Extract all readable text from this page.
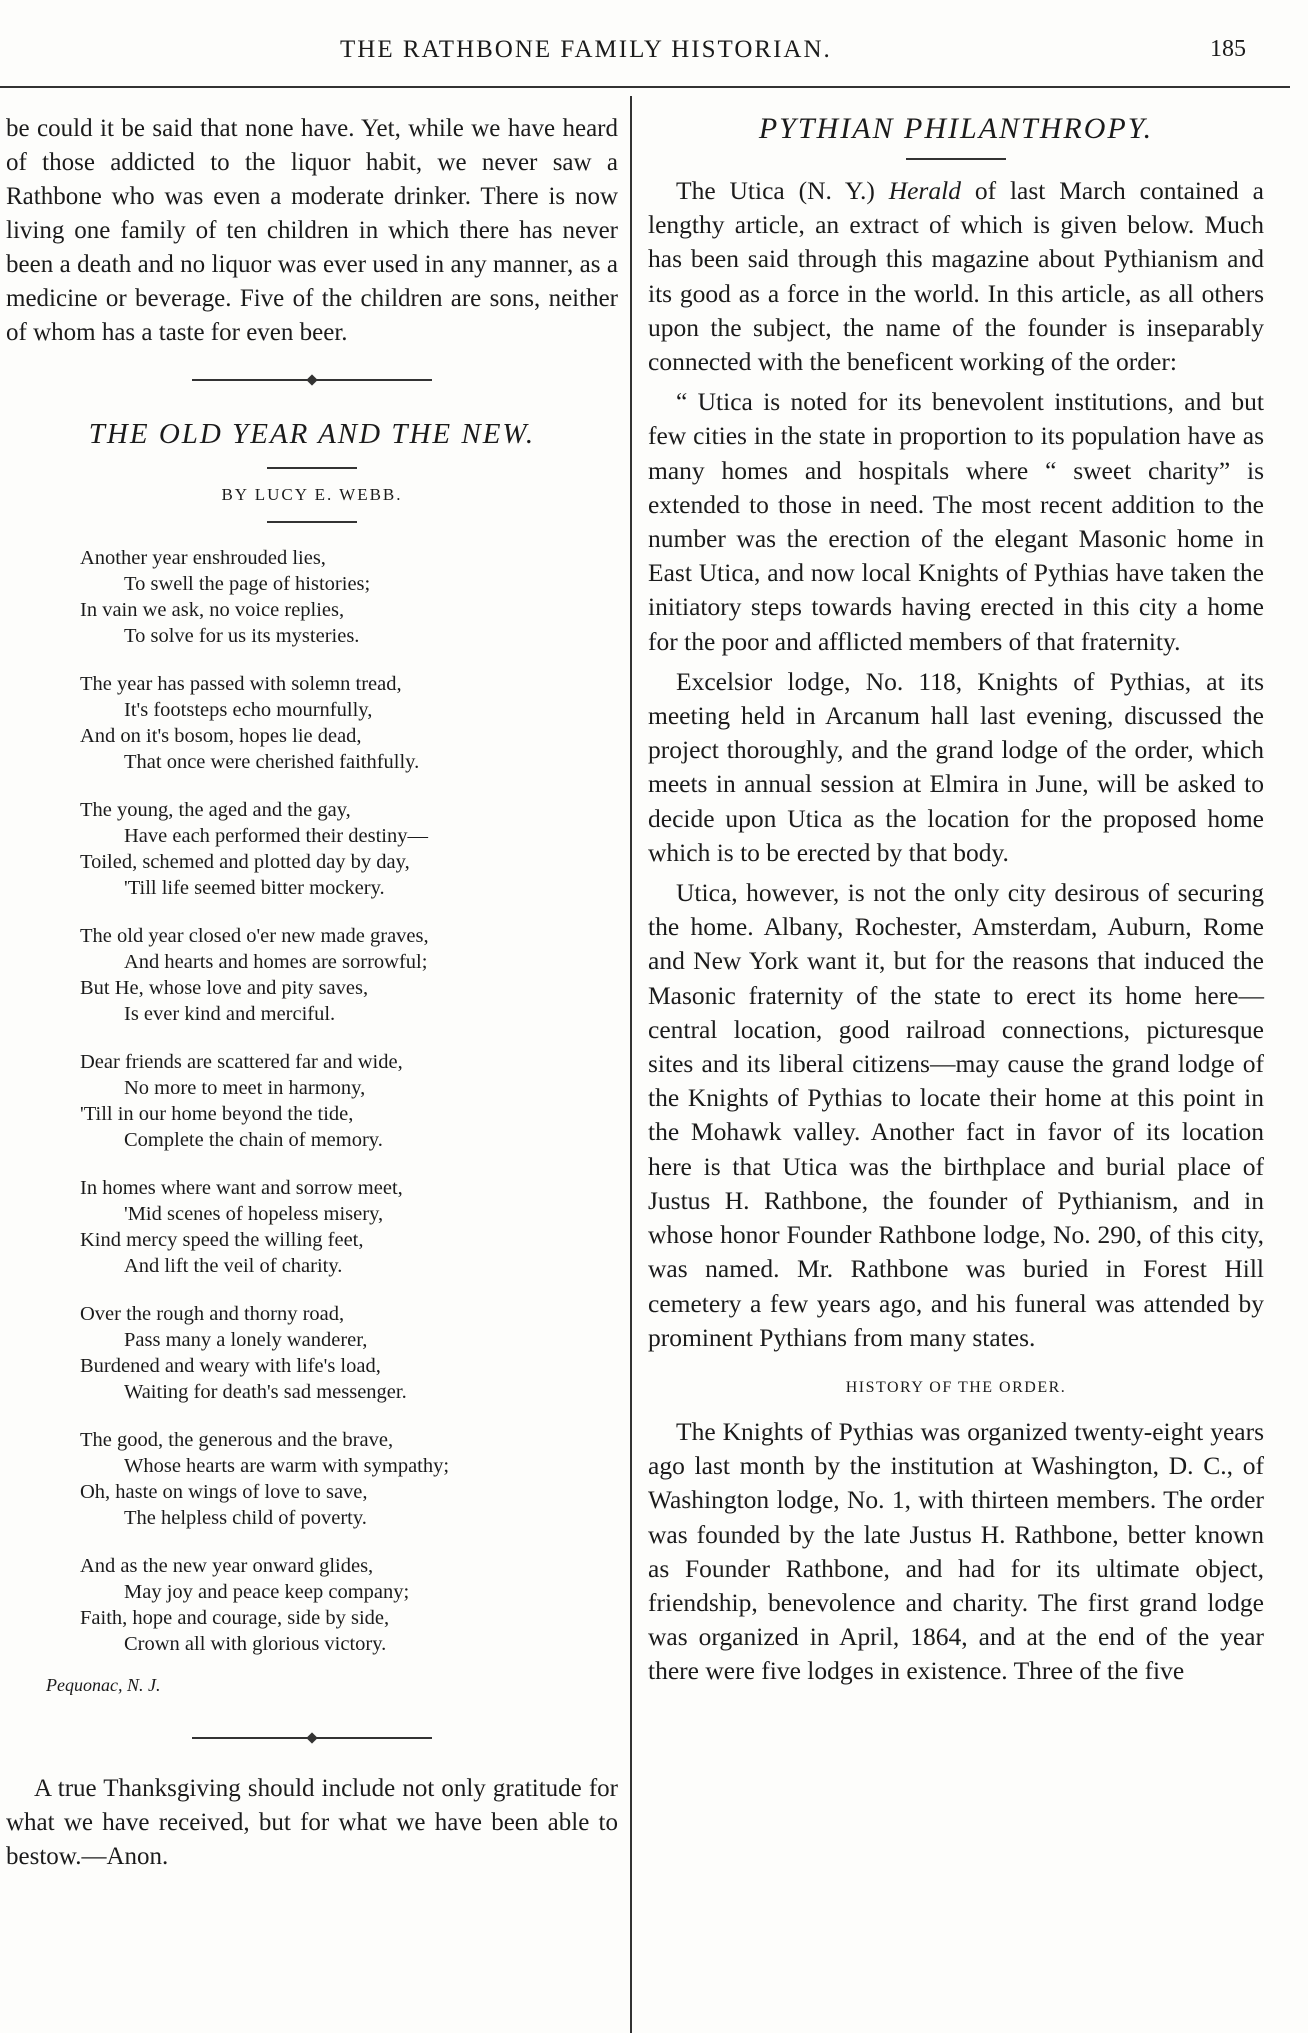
THE RATHBONE FAMILY HISTORIAN.	185

be could it be said that none have. Yet, while we have heard of those addicted to the liquor habit, we never saw a Rathbone who was even a moderate drinker. There is now living one family of ten children in which there has never been a death and no liquor was ever used in any manner, as a medicine or beverage. Five of the children are sons, neither of whom has a taste for even beer.

THE OLD YEAR AND THE NEW.
BY LUCY E. WEBB.
Another year enshrouded lies,
To swell the page of histories;
In vain we ask, no voice replies,
To solve for us its mysteries.
The year has passed with solemn tread,
It's footsteps echo mournfully,
And on it's bosom, hopes lie dead,
That once were cherished faithfully.
The young, the aged and the gay,
Have each performed their destiny—
Toiled, schemed and plotted day by day,
'Till life seemed bitter mockery.
The old year closed o'er new made graves,
And hearts and homes are sorrowful;
But He, whose love and pity saves,
Is ever kind and merciful.
Dear friends are scattered far and wide,
No more to meet in harmony,
'Till in our home beyond the tide,
Complete the chain of memory.
In homes where want and sorrow meet,
'Mid scenes of hopeless misery,
Kind mercy speed the willing feet,
And lift the veil of charity.
Over the rough and thorny road,
Pass many a lonely wanderer,
Burdened and weary with life's load,
Waiting for death's sad messenger.
The good, the generous and the brave,
Whose hearts are warm with sympathy;
Oh, haste on wings of love to save,
The helpless child of poverty.
And as the new year onward glides,
May joy and peace keep company;
Faith, hope and courage, side by side,
Crown all with glorious victory.
Pequonac, N. J.

A true Thanksgiving should include not only gratitude for what we have received, but for what we have been able to bestow.—Anon.

PYTHIAN PHILANTHROPY.

The Utica (N. Y.) Herald of last March contained a lengthy article, an extract of which is given below. Much has been said through this magazine about Pythianism and its good as a force in the world. In this article, as all others upon the subject, the name of the founder is inseparably connected with the beneficent working of the order:

“ Utica is noted for its benevolent institutions, and but few cities in the state in proportion to its population have as many homes and hospitals where “ sweet charity” is extended to those in need. The most recent addition to the number was the erection of the elegant Masonic home in East Utica, and now local Knights of Pythias have taken the initiatory steps towards having erected in this city a home for the poor and afflicted members of that fraternity.

Excelsior lodge, No. 118, Knights of Pythias, at its meeting held in Arcanum hall last evening, discussed the project thoroughly, and the grand lodge of the order, which meets in annual session at Elmira in June, will be asked to decide upon Utica as the location for the proposed home which is to be erected by that body.

Utica, however, is not the only city desirous of securing the home. Albany, Rochester, Amsterdam, Auburn, Rome and New York want it, but for the reasons that induced the Masonic fraternity of the state to erect its home here—central location, good railroad connections, picturesque sites and its liberal citizens—may cause the grand lodge of the Knights of Pythias to locate their home at this point in the Mohawk valley. Another fact in favor of its location here is that Utica was the birthplace and burial place of Justus H. Rathbone, the founder of Pythianism, and in whose honor Founder Rathbone lodge, No. 290, of this city, was named. Mr. Rathbone was buried in Forest Hill cemetery a few years ago, and his funeral was attended by prominent Pythians from many states.

HISTORY OF THE ORDER.

The Knights of Pythias was organized twenty-eight years ago last month by the institution at Washington, D. C., of Washington lodge, No. 1, with thirteen members. The order was founded by the late Justus H. Rathbone, better known as Founder Rathbone, and had for its ultimate object, friendship, benevolence and charity. The first grand lodge was organized in April, 1864, and at the end of the year there were five lodges in existence. Three of the five
